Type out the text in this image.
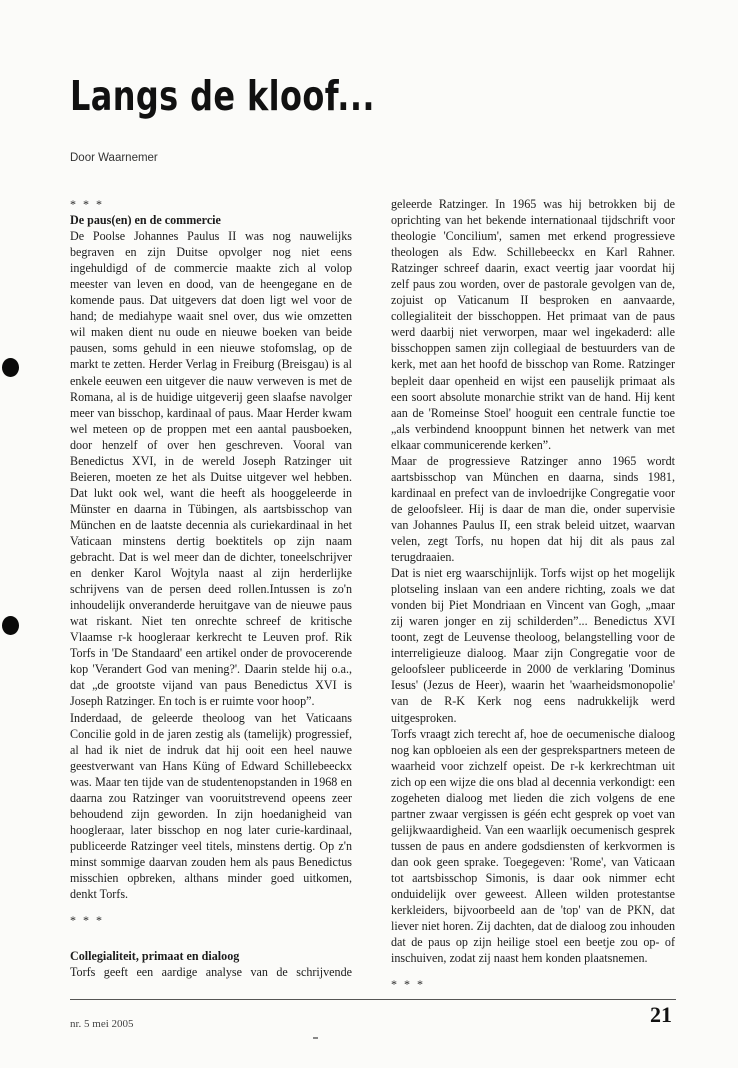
Langs de kloof...
Door Waarnemer

* * *

De paus(en) en de commercie

De Poolse Johannes Paulus II was nog nauwelijks begraven en zijn Duitse opvolger nog niet eens ingehuldigd of de commercie maakte zich al volop meester van leven en dood, van de heengegane en de komende paus. Dat uitgevers dat doen ligt wel voor de hand; de mediahype waait snel over, dus wie omzetten wil maken dient nu oude en nieuwe boeken van beide pausen, soms gehuld in een nieuwe stofomslag, op de markt te zetten. Herder Verlag in Freiburg (Breisgau) is al enkele eeuwen een uitgever die nauw verweven is met de Romana, al is de huidige uitgeverij geen slaafse navolger meer van bisschop, kardinaal of paus. Maar Herder kwam wel meteen op de proppen met een aantal pausboeken, door henzelf of over hen geschreven. Vooral van Benedictus XVI, in de wereld Joseph Ratzinger uit Beieren, moeten ze het als Duitse uitgever wel hebben. Dat lukt ook wel, want die heeft als hooggeleerde in Münster en daarna in Tübingen, als aartsbisschop van München en de laatste decennia als curiekardinaal in het Vaticaan minstens dertig boektitels op zijn naam gebracht. Dat is wel meer dan de dichter, toneelschrijver en denker Karol Wojtyla naast al zijn herderlijke schrijvens van de persen deed rollen.Intussen is zo'n inhoudelijk onveranderde heruitgave van de nieuwe paus wat riskant. Niet ten onrechte schreef de kritische Vlaamse r-k hoogleraar kerkrecht te Leuven prof. Rik Torfs in 'De Standaard' een artikel onder de provocerende kop 'Verandert God van mening?'. Daarin stelde hij o.a., dat „de grootste vijand van paus Benedictus XVI is Joseph Ratzinger. En toch is er ruimte voor hoop”.

Inderdaad, de geleerde theoloog van het Vaticaans Concilie gold in de jaren zestig als (tamelijk) progressief, al had ik niet de indruk dat hij ooit een heel nauwe geestverwant van Hans Küng of Edward Schillebeeckx was. Maar ten tijde van de studentenopstanden in 1968 en daarna zou Ratzinger van vooruitstrevend opeens zeer behoudend zijn geworden. In zijn hoedanigheid van hoogleraar, later bisschop en nog later curie-kardinaal, publiceerde Ratzinger veel titels, minstens dertig. Op z'n minst sommige daarvan zouden hem als paus Benedictus misschien opbreken, althans minder goed uitkomen, denkt Torfs.

* * *

Collegialiteit, primaat en dialoog

Torfs geeft een aardige analyse van de schrijvende

geleerde Ratzinger. In 1965 was hij betrokken bij de oprichting van het bekende internationaal tijdschrift voor theologie 'Concilium', samen met erkend progressieve theologen als Edw. Schillebeeckx en Karl Rahner. Ratzinger schreef daarin, exact veertig jaar voordat hij zelf paus zou worden, over de pastorale gevolgen van de, zojuist op Vaticanum II besproken en aanvaarde, collegialiteit der bisschoppen. Het primaat van de paus werd daarbij niet verworpen, maar wel ingekaderd: alle bisschoppen samen zijn collegiaal de bestuurders van de kerk, met aan het hoofd de bisschop van Rome. Ratzinger bepleit daar openheid en wijst een pauselijk primaat als een soort absolute monarchie strikt van de hand. Hij kent aan de 'Romeinse Stoel' hooguit een centrale functie toe „als verbindend knooppunt binnen het netwerk van met elkaar communicerende kerken”.

Maar de progressieve Ratzinger anno 1965 wordt aartsbisschop van München en daarna, sinds 1981, kardinaal en prefect van de invloedrijke Congregatie voor de geloofsleer. Hij is daar de man die, onder supervisie van Johannes Paulus II, een strak beleid uitzet, waarvan velen, zegt Torfs, nu hopen dat hij dit als paus zal terugdraaien.

Dat is niet erg waarschijnlijk. Torfs wijst op het mogelijk plotseling inslaan van een andere richting, zoals we dat vonden bij Piet Mondriaan en Vincent van Gogh, „maar zij waren jonger en zij schilderden”... Benedictus XVI toont, zegt de Leuvense theoloog, belangstelling voor de interreligieuze dialoog. Maar zijn Congregatie voor de geloofsleer publiceerde in 2000 de verklaring 'Dominus Iesus' (Jezus de Heer), waarin het 'waarheidsmonopolie' van de R-K Kerk nog eens nadrukkelijk werd uitgesproken.

Torfs vraagt zich terecht af, hoe de oecumenische dialoog nog kan opbloeien als een der gesprekspartners meteen de waarheid voor zichzelf opeist. De r-k kerkrechtman uit zich op een wijze die ons blad al decennia verkondigt: een zogeheten dialoog met lieden die zich volgens de ene partner zwaar vergissen is géén echt gesprek op voet van gelijkwaardigheid. Van een waarlijk oecumenisch gesprek tussen de paus en andere godsdiensten of kerkvormen is dan ook geen sprake. Toegegeven: 'Rome', van Vaticaan tot aartsbisschop Simonis, is daar ook nimmer echt onduidelijk over geweest. Alleen wilden protestantse kerkleiders, bijvoorbeeld aan de 'top' van de PKN, dat liever niet horen. Zij dachten, dat de dialoog zou inhouden dat de paus op zijn heilige stoel een beetje zou op- of inschuiven, zodat zij naast hem konden plaatsnemen.

* * *

nr. 5 mei 2005	21
